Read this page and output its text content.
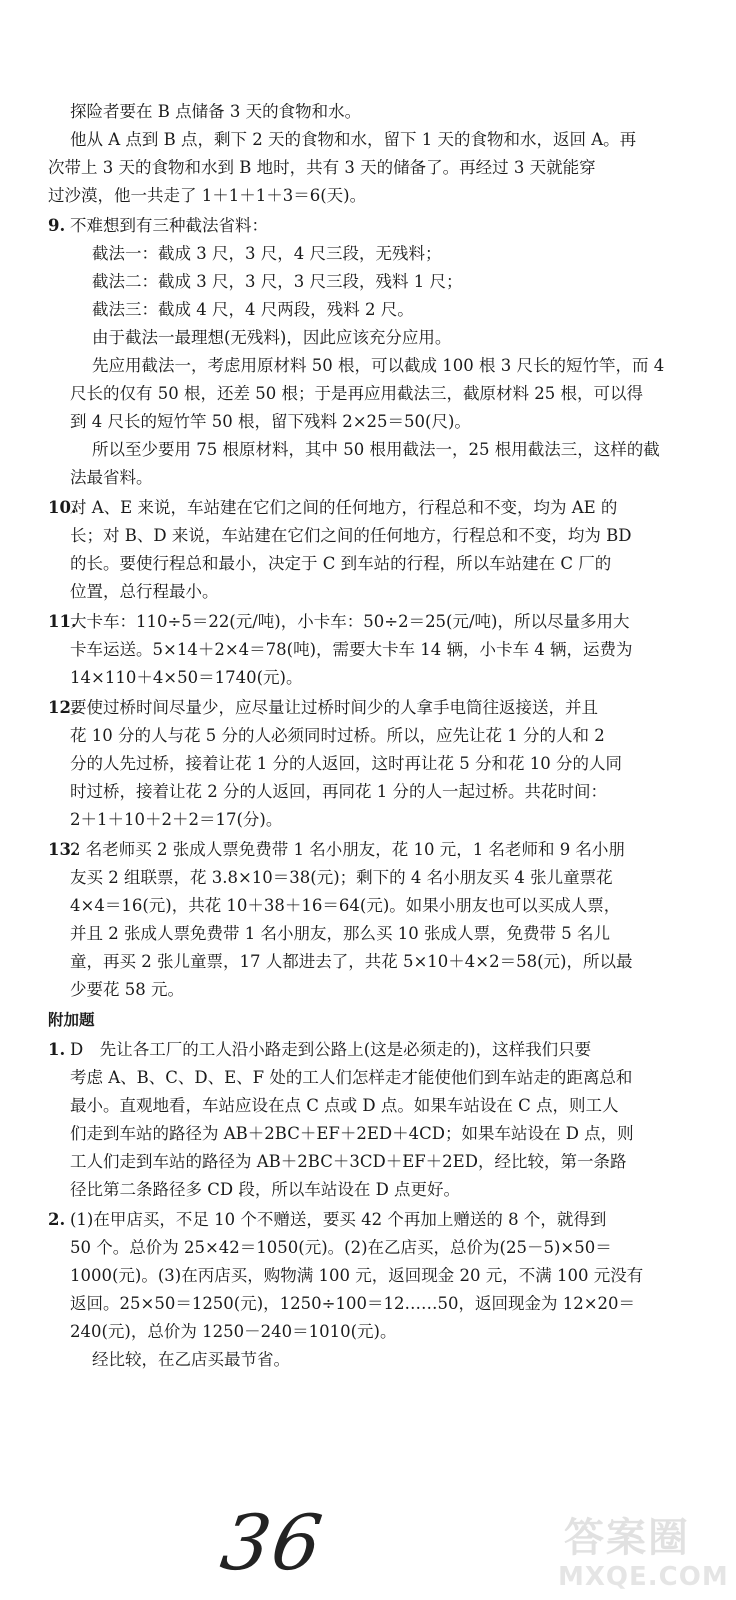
探险者要在 B 点储备 3 天的食物和水。
他从 A 点到 B 点，剩下 2 天的食物和水，留下 1 天的食物和水，返回 A。再
次带上 3 天的食物和水到 B 地时，共有 3 天的储备了。再经过 3 天就能穿
过沙漠，他一共走了 1＋1＋1＋3＝6(天)。
9. 不难想到有三种截法省料：
截法一：截成 3 尺，3 尺，4 尺三段，无残料；
截法二：截成 3 尺，3 尺，3 尺三段，残料 1 尺；
截法三：截成 4 尺，4 尺两段，残料 2 尺。
由于截法一最理想(无残料)，因此应该充分应用。
先应用截法一，考虑用原材料 50 根，可以截成 100 根 3 尺长的短竹竿，而 4
尺长的仅有 50 根，还差 50 根；于是再应用截法三，截原材料 25 根，可以得
到 4 尺长的短竹竿 50 根，留下残料 2×25＝50(尺)。
所以至少要用 75 根原材料，其中 50 根用截法一，25 根用截法三，这样的截
法最省料。
10.对 A、E 来说，车站建在它们之间的任何地方，行程总和不变，均为 AE 的
长；对 B、D 来说，车站建在它们之间的任何地方，行程总和不变，均为 BD
的长。要使行程总和最小，决定于 C 到车站的行程，所以车站建在 C 厂的
位置，总行程最小。
11.大卡车：110÷5＝22(元/吨)，小卡车：50÷2＝25(元/吨)，所以尽量多用大
卡车运送。5×14＋2×4＝78(吨)，需要大卡车 14 辆，小卡车 4 辆，运费为
14×110＋4×50＝1740(元)。
12.要使过桥时间尽量少，应尽量让过桥时间少的人拿手电筒往返接送，并且
花 10 分的人与花 5 分的人必须同时过桥。所以，应先让花 1 分的人和 2
分的人先过桥，接着让花 1 分的人返回，这时再让花 5 分和花 10 分的人同
时过桥，接着让花 2 分的人返回，再同花 1 分的人一起过桥。共花时间：
2＋1＋10＋2＋2＝17(分)。
13.2 名老师买 2 张成人票免费带 1 名小朋友，花 10 元，1 名老师和 9 名小朋
友买 2 组联票，花 3.8×10＝38(元)；剩下的 4 名小朋友买 4 张儿童票花
4×4＝16(元)，共花 10＋38＋16＝64(元)。如果小朋友也可以买成人票，
并且 2 张成人票免费带 1 名小朋友，那么买 10 张成人票，免费带 5 名儿
童，再买 2 张儿童票，17 人都进去了，共花 5×10＋4×2＝58(元)，所以最
少要花 58 元。
附加题
1. D　先让各工厂的工人沿小路走到公路上(这是必须走的)，这样我们只要
考虑 A、B、C、D、E、F 处的工人们怎样走才能使他们到车站走的距离总和
最小。直观地看，车站应设在点 C 点或 D 点。如果车站设在 C 点，则工人
们走到车站的路径为 AB＋2BC＋EF＋2ED＋4CD；如果车站设在 D 点，则
工人们走到车站的路径为 AB＋2BC＋3CD＋EF＋2ED，经比较，第一条路
径比第二条路径多 CD 段，所以车站设在 D 点更好。
2. (1)在甲店买，不足 10 个不赠送，要买 42 个再加上赠送的 8 个，就得到
50 个。总价为 25×42＝1050(元)。(2)在乙店买，总价为(25－5)×50＝
1000(元)。(3)在丙店买，购物满 100 元，返回现金 20 元，不满 100 元没有
返回。25×50＝1250(元)，1250÷100＝12……50，返回现金为 12×20＝
240(元)，总价为 1250－240＝1010(元)。
经比较，在乙店买最节省。
36	答案圈
MXQE.COM
